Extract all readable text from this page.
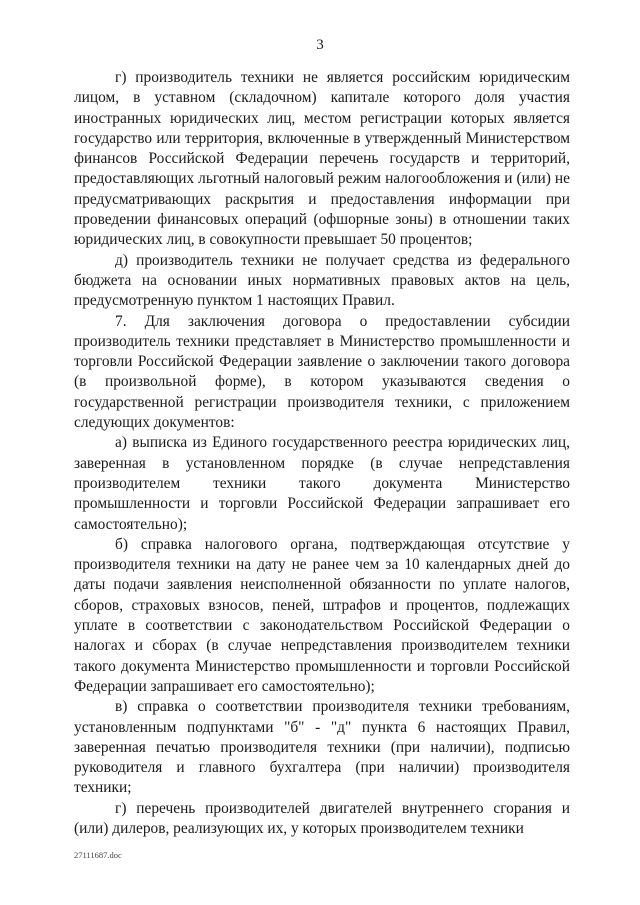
3

г) производитель техники не является российским юридическим лицом, в уставном (складочном) капитале которого доля участия иностранных юридических лиц, местом регистрации которых является государство или территория, включенные в утвержденный Министерством финансов Российской Федерации перечень государств и территорий, предоставляющих льготный налоговый режим налогообложения и (или) не предусматривающих раскрытия и предоставления информации при проведении финансовых операций (офшорные зоны) в отношении таких юридических лиц, в совокупности превышает 50 процентов;

д) производитель техники не получает средства из федерального бюджета на основании иных нормативных правовых актов на цель, предусмотренную пунктом 1 настоящих Правил.

7. Для заключения договора о предоставлении субсидии производитель техники представляет в Министерство промышленности и торговли Российской Федерации заявление о заключении такого договора (в произвольной форме), в котором указываются сведения о государственной регистрации производителя техники, с приложением следующих документов:

а) выписка из Единого государственного реестра юридических лиц, заверенная в установленном порядке (в случае непредставления производителем техники такого документа Министерство промышленности и торговли Российской Федерации запрашивает его самостоятельно);

б) справка налогового органа, подтверждающая отсутствие у производителя техники на дату не ранее чем за 10 календарных дней до даты подачи заявления неисполненной обязанности по уплате налогов, сборов, страховых взносов, пеней, штрафов и процентов, подлежащих уплате в соответствии с законодательством Российской Федерации о налогах и сборах (в случае непредставления производителем техники такого документа Министерство промышленности и торговли Российской Федерации запрашивает его самостоятельно);

в) справка о соответствии производителя техники требованиям, установленным подпунктами "б" - "д" пункта 6 настоящих Правил, заверенная печатью производителя техники (при наличии), подписью руководителя и главного бухгалтера (при наличии) производителя техники;

г) перечень производителей двигателей внутреннего сгорания и (или) дилеров, реализующих их, у которых производителем техники

27111687.doc
